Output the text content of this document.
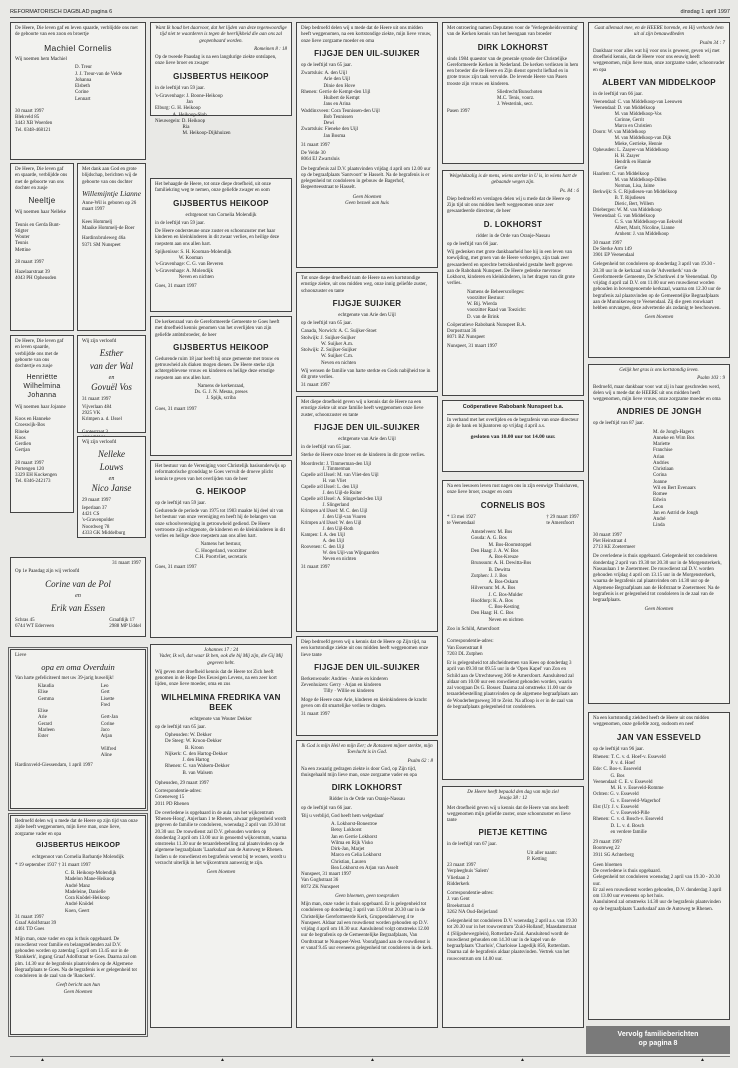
REFORMATORISCH DAGBLAD pagina 6	dinsdag 1 april 1997

De Heere, Die leven gaf en leven spaarde, verblijdde ons met de geboorte van een zoon en broertje

Machiel Cornelis

Wij noemen hem Machiel

D. Treur
J. J. Treur-van de Velde
Johanna
Elsbeth
Corine
Lennart
30 maart 1997
Blekveld 85
3443 XB Woerden
Tel. 0348-468121

De Heere, Die leven gaf en spaarde, verblijdde ons met de geboorte van ons dochter en zusje

Neeltje
Wij noemen haar Nelleke

Teunis en Gerda Bunt-Stigter
Wouter
Teunis
Mettine

28 maart 1997

Hazelaarstraat 39
4043 PH Opheusden

Met dank aan God en grote blijdschap, berichten wij de geboorte van ons dochter

Willemijntje Lianne
Anne-Wil is geboren op 26 maart 1997

Kees Hommelj
Maaike Hommelj-de Boer
Hardinxbruleweg 46a
9371 SM Nunspeet

De Heere, Die leven gaf en leven spaarde, verblijdde ons met de geboorte van ons dochtertje en zusje

Henriëtte Wilhelmina Johanna
Wij noemen haar Jojanne

Koos en Hanneke Croeswijk-Bos
Rineke
Koos
Gerdien
Gertjan
28 maart 1997
Portengen 120
3329 EH Kockengen
Tel. 0346-242173

Wij zijn verloofd

Esther
van der Wal
en
Govuël Vos

31 maart 1997

Vijverlaan 484
2925 VK
Krimpen a. d. IJssel

Grotestraat 3

Wij zijn verloofd

Nelleke
Louws
en
Nico Janse

29 maart 1997

Ieperlaan 37
4421 CS
's-Gravenpolder
Noordweg 78
4333 GK Middelburg

31 maart 1997

Op 1e Paasdag zijn wij verloofd

Corine van de Pol
en
Erik van Essen
Schras 45
6744 WT Ederveen
Graafdijk 17
2988 MP Uddel

Lieve

opa en oma Overduin

Van harte gefeliciteerd met uw 39-jarig huwelijk!

Klaudia
Elise
Gemma

Elise
Arie
Gerard
Marleen
Ester
Leo
Gert
Lisette
Fred

Gert-Jan
Corine
Jaco
Arjan

Wilfred
Aline

Hardinxveld-Giessendam, 1 april 1997

Bedroefd delen wij u mede dat de Heere op zijn tijd van onze zijde heeft weggenomen, mijn lieve man, onze lieve, zorgzame vader en opa

GIJSBERTUS HEIKOOP

echtgenoot van Cornelia Barbantje Molendijk

* 19 september 1937 † 31 maart 1997

C. B. Heikoop-Molendijk
Madelon Mane-Heikoop
André Manz
Madeleine, Danielle
Cora Knödel-Heikoop
André Knödel
Koen, Geert
31 maart 1997
Graaf Adolfstraat 39
4461 TD Goes

Mijn man, onze vader en opa is thuis opgebaard. De rouwdienst voor familie en belangstellenden zal D.V. gehouden worden op zaterdag 5 april om 13.45 uur in de 'Rankkerk', ingang Graaf Adolfstraat te Goes. Daarna zal om plm. 14.30 uur de begrafenis plaatsvinden op de Algemene Begraafplaats te Goes. Na de begrafenis is er gelegenheid tot condoleren in de zaal van de 'Ranckerk'.

Geeft bericht aan hun
Geen bloemen

Want Ik houd het daarvoor, dat het lijden van deze tegenwoordige tijd niet te waarderen is tegen de heerlijkheid die aan ons zal geopenbaard worden.

Romeinen 8 : 18

Op de tweede Paasdag is na een langdurige ziekte ontslapen, onze lieve broer en zwager

GIJSBERTUS HEIKOOP

in de leeftijd van 59 jaar.

's-Gravenhage: J. Boone-Heikoop
Jan
Elburg: G. H. Heikoop
A. Heikoop-Slob
Nieuwegein: D. Heikoop
Ria
M. Heikoop-Dijkhuizen

Het behaagde de Heere, tot onze diepe droefheid, uit onze familiekring weg te nemen, onze geliefde zwager en oom

GIJSBERTUS HEIKOOP

echtgenoot van Cornelia Molendijk

in de leeftijd van 59 jaar.

De Heere ondersteune onze zuster en schoonzuster met haar kinderen en kleinkinderen in dit zwaar verlies, en heilige deze roepstem aan ons allen hart.

Spijkenisse: S. H. Kooman-Molendijk
W. Kooman
's-Gravenhage: C. G. van Beveren
's-Gravenhage: A. Molendijk
Neven en nichten

Goes, 31 maart 1997

De kerkenraad van de Gereformeerde Gemeente te Goes heeft met droefheid kennis genomen van het overlijden van zijn geliefde ambtsbroeder, de heer

GIJSBERTUS HEIKOOP

Gedurende ruim 18 jaar heeft hij onze gemeente met trouw en getrouwheid als diaken mogen dienen. De Heere sterke zijn achtergeblevene vrouw en kinderen en heilige deze ernstige roepstem aan ons allen hart.

Namens de kerkenraad,
Ds. G. J. N. Mesna, preses
J. Spijk, scriba

Goes, 31 maart 1997

Het bestuur van de Vereniging voor Christelijk basisonderwijs op reformatorische grondslag te Goes vervult de droeve plicht kennis te geven van het overlijden van de heer

G. HEIKOOP

op de leeftijd van 59 jaar.

Gedurende de periode van 1975 tot 1983 maakte hij deel uit van het bestuur van onze vereniging en heeft hij de belangen van onze schoolvereniging in getrouwheid gediend. De Heere vertrooste zijn echtgenote, de kinderen en de kleinkinderen in dit verlies en heilige deze roepstem aan ons allen hart.

Namens het bestuur,
C. Hoogerland, voorzitter
C.H. Poortvliet, secretaris

Goes, 31 maart 1997

Johannes 17 : 24
Vader, Ik wil, dat waar Ik ben, ook die bij Mij zijn, die Gij Mij gegeven hebt.

Wij geven met droefheid kennis dat de Heere tot Zich heeft genomen in de Hope Des Eeuwigen Levens, na een zeer kort lijden, onze lieve moeder, oma en zus

WILHELMINA FREDRIKA VAN BEEK

echtgenote van Wouter Dekker

op de leeftijd van 65 jaar.

Opheusden: W. Dekker
De Steeg: W. Kroon-Dekker
B. Kroon
Nijkerk: C. den Hartog-Dekker
J. den Hartog
Rhenen: C. van Walsem-Dekker
B. van Walsem

Opheusden, 29 maart 1997

Correspondentie-adres:
Groeneweg 15
2011 PD Rhenen

De overledene is opgebaard in de aula van het wijkcentrum 'Rhenen-Hoog', Anjerlaan 1 te Rhenen, alwaar gelegenheid wordt gegeven de familie te condoleren, woensdag 2 april van 19.30 tot 20.30 uur. De rouwdienst zal D.V. gehouden worden op donderdag 3 april om 13.00 uur in genoemd wijkcentrum, waarna omstreeks 11.30 uur de teraardebestelling zal plaatsvinden op de algemene begraafplaats 'Laarksdaal' aan de Autoweg te Rhenen. Indien u de rouwdienst en begrafenis wenst bij te wonen, wordt u verzocht uiterlijk in het wijkcentrum aanwezig te zijn.

Geen bloemen

Diep bedroefd delen wij u mede dat de Heere uit ons midden heeft weggenomen, na een kortstondige ziekte, mijn lieve vrouw, onze lieve zorgzame moeder en oma

FIJGJE DEN UIL-SUIJKER

op de leeftijd van 65 jaar.

Zwartsluis: A. den Uijl
Arie den Uijl
Dinie den Hove
Rhenen: Gerrie de Kempt-den Uijl
Huibert de Kempt
Jans en Arina
Waddinxveen: Cora Teunissen-den Uijl
Bob Teunissen
Dewi
Zwartsluis: Fieneke den Uijl
Jan Bosma

31 maart 1997

De Velde 30
8064 EJ Zwartsluis

De begrafenis zal D.V. plaatsvinden vrijdag 4 april om 12.00 uur op de begraafplaats 'Santvoort' te Hasselt. Na de begrafenis is er gelegenheid tot condoleren in gebouw de Bagerhof, Begeerteesstraat te Hasselt.

Geen bloemen
Geen bezoek aan huis

Tot onze diepe droefheid nam de Heere na een kortstondige ernstige ziekte, uit ons midden weg, onze innig geliefde zuster, schoonzuster en tante

FIJGJE SUIJKER

echtgenote van Arie den Uijl

op de leeftijd van 65 jaar.

Canada, Norwich: A. C. Suijker-Stoet
Stolwijk: J. Suijker-Suijker
W. Suijker A.m.
Stolwijk: Z. Suijker-Suijker
W. Suijker C.m.
Neven en nichten

Wij wensen de familie van harte sterkte en Gods nabijheid toe in dit grote verlies.

31 maart 1997

Met diepe droefheid geven wij u kennis dat de Heere na een ernstige ziekte uit onze familie heeft weggenomen onze lieve zuster, schoonzuster en tante

FIJGJE DEN UIL-SUIJKER

echtgenote van Arie den Uijl

in de leeftijd van 65 jaar.

Sterke de Heere onze broer en de kinderen in dit grote verlies.

Moordrecht: J. Timmerman-den Uijl
J. Timmerman
Capelle a/d IJssel: M. van Vliet-den Uijl
H. van Vliet
Capelle a/d IJssel: L. den Uijl
J. den Uijl-de Ruiter
Capelle a/d IJssel: A. Slingerland-den Uijl
J. Slingerland
Krimpen a/d IJssel: M. C. den Uijl
J. den Uijl-van Vuuren
Krimpen a/d IJssel: W. den Uijl
J. den Uijl-Both
Kampen: I. A. den Uijl
A. den Uijl
Roovenen: C. den Uijl
W. den Uijl-van Wijngaarden
Neven en nichten

31 maart 1997

Diep bedroefd geven wij u kennis dat de Heere op Zijn tijd, na een kortstondige ziekte uit ons midden heeft weggenomen onze lieve tante

FIJGJE DEN UIL-SUIJKER
Berkenwoude: Andries · Annie en kinderen
Zevenhuizen: Gerry · Arjan en kinderen
Tilly · Willie en kinderen

Moge de Heere onze Arie, kinderen en kleinkinderen de kracht geven om dit smartelijke verlies te dragen.

31 maart 1997

Ik God is mijn Heil en mijn Eer; de Rotssteen mijner sterkte, mijn Toevlucht is in God.

Psalm 62 : 8

Na een zwaarig gedragen ziekte is door God, op Zijn tijd, thuisgehaald mijn lieve man, onze zorgzame vader en opa

DIRK LOKHORST

Ridder in de Orde van Oranje-Nassau

op de leeftijd van 66 jaar.

'Bij u verblijd, God heeft hem welgedaan'

A. Lokhorst-Bonestroe
Betsy Lokhorst
Jan en Gerrie Lokhorst
Wilma en Rijk Visko
Dirk-Jan, Marjet
Marco en Celia Lokhorst
Christian, Lauren
Bea Lokhorst en Arjan van Asselt
Nunspeet, 31 maart 1997
Van Goghstraat 36
8072 ZK Nunspeet

Geen bloemen, geen toespraken

Mijn man, onze vader is thuis opgebaard. Er is gelegenheid tot condoleren op donderdag 3 april van 13.00 tot 20.30 uur in de Christelijke Gereformeerde Kerk, Gruppendalerweg 4 te Nunspeet. Aldaar zal een rouwdienst worden gehouden op D.V. vrijdag 4 april om 10.30 uur. Aansluitend volgt omstreeks 12.00 uur de begrafenis op de Gemeentelijke Begraafplaats, Van Oordtstraat te Nunspeet-West. Voorafgaand aan de rouwdienst is er vanaf 9.45 uur eveneens gelegenheid tot condoleren in de kerk.

Met ontroering namen Deputaten voor de 'Verlegenheidsvorming' van de Kerken kennis van het heengaan van broeder

DIRK LOKHORST

sinds 1984 quaestor van de generale synode der Christelijke Gereformeerde Kerken in Nederland. De kerken verliezen in hem een broeder die de Heere en Zijn dienst oprecht liefhad en in grote trouw zijn taak vervulde. De levende Heere van Pasen trooste zijn vrouw en kinderen.

Sliedrecht/Bunschoten
M.C. Tenis, voorz.
J. Westerink, secr.

Pasen 1997

Welgelukzalig is de mens, wiens sterkte in U is, in wiens hart de gebaande wegen zijn.

Ps. 84 : 6

Diep bedroefd en verslagen delen wij u mede dat de Heere op Zijn tijd uit ons midden heeft weggenomen onze zeer gewaardeerde directeur, de heer

D. LOKHORST

ridder in de Orde van Oranje-Nassau

op de leeftijd van 66 jaar.

Wij gedenken met grote dankbaarheid hoe hij in een leven van toewijding, met groen van de Heere verkregen, zijn taak zeer gewaardeerd en oprechte betrokkenheid gestalte heeft gegeven aan de Rabobank Nunspeet. De Heere gedenke mevrouw Lokhorst, kinderen en kleinkinderen, in het dragen van dit grote verlies.

Namens de Beheerscolleges:
voorzitter Bestuur:
W. Bij. Wierda
voorzitter Raad van Toezicht:
D. van de Brink
Coöperatieve Rabobank Nunspeet B.A.
Dorpsstraat 36
8071 BZ Nunspeet

Nunspeet, 31 maart 1997

Coöperatieve Rabobank Nunspeet b.a.

In verband met het overlijden en de begrafenis van onze directeur zijn de bank en bijkantoren op vrijdag 4 april a.s.

gesloten van 10.00 uur tot 14.00 uur.

Na een leeuwen leven rust nagen ons in zijn eeuwige Thuishaven, onze lieve broer, zwager en oom

CORNELIS BOS
* 13 mei 1927
te Veenendaal
† 29 maart 1997
te Amersfoort
Amstelveen: M. Bos
Gouda: A. G. Bos
M. Bos-Boomstoppel
Den Haag: J. A. W. Bos
A. Bos-Kreuze
Brunssum: A. H. Dewitta-Bos
B. Dewitta
Zutphen: J. J. Bos
A. Bos-Oskam
Hilversum: M. A. Bos
J. C. Bos-Mulder
Hoofdorp: K. A. Bos
C. Bos-Kesting
Den Haag: H. C. Bos
Neven en nichten
Zoo in Schild, Amersfoort

Correspondentie-adres:
Van Essenstraat 8
7203 DL Zutphen

Er is gelegenheid tot afscheidnemen van Kees op donderdag 3 april van 09.30 tot 09.55 uur in de 'Open Kapel' van Zon en Schild aan de Utrechtseweg 266 te Amersfoort. Aansluitend zal aldaar om 10.00 uur een rouwdienst gehouden worden, waarin zal voorgaan Ds G. Bosser. Daarna zal omstreeks 11.00 uur de teraardebestelling plaatsvinden op de algemene begraafplaats aan de Wouderbergseweg 30 te Zeist. Na afloop is er in de zaal van de begraafplaats gelegenheid tot condoleren.

De Heere heeft bepaald den dag van mijn ziel
Jesaja 38 : 12

Met droefheid geven wij u kennis dat de Heere van ons heeft weggenomen mijn geliefde zuster, onze schoonzuster en lieve tante

PIETJE KETTING

in de leeftijd van 67 jaar.

Uit aller naam:
P. Ketting
23 maart 1997
Verpleeghuis 'Salem'
Vlietlaan 2
Ridderkerk
Correspondentie-adres:
J. van Gent
Broekstraat 4
3262 NA Oud-Beijerland

Gelegenheid tot condoleren D.V. woensdag 2 april a.s. van 19.30 tot 20.30 uur in het rouwcentrum 'Zuid-Holland', Maasdamstraat 4 (Slijpsbewegplein), Rotterdam-Zuid. Aansluitend wordt de rouwdienst gehouden om 14.30 uur in de kapel van de begraafplaats 'Charlois', Charloisse Lagedijk 856, Rotterdam. Daarna zal de begrafenis aldaar plaatsvinden. Vertrek van het rouwcentrum om 14.00 uur.

Gaat allemaal mee, en de HEERE horende, en Hij verhorde hem uit al zijn benauwdheden

Psalm 34 : 7

Dankbaar voor alles wat hij voor ons is geweest, geven wij met droefheid kennis, dat de Heere voor ons eeuwig heeft weggenomen, mijn lieve man, onze zorgzame vader, schoonvader en opa

ALBERT VAN MIDDELKOOP

in de leeftijd van 66 jaar.

Veenendaal: C. van Middelkoop-van Leeuwen
Veenendaal: D. van Middelkoop
M. van Middelkoop-Vos
Corinne, Gerrit
Marco en Christien
Doorn: W. van Middelkoop
M. van Middelkoop-van Dijk
Mieke, Gerrieke, Hennie
Opheusden: L. Zaayer-van Middelkoop
H. H. Zaayer
Hendrik en Hannie
Gerrie
Haarlem: C. van Middelkoop
M. van Middelkoop-Dillen
Norman, Lisa, Jaime
Berkwijk: S. C. Rijsdiesen-van Middelkoop
B. T. Rijsdiesen
Dieric, Bert, Willem
Driebergen: W. M. van Middelkoop
Veenendaal: G. van Middelkoop
C. S. van Middelkoop-van Eekveld
Albert, Marit, Nicoline, Lianne
Arnhem: J. van Middelkoop
30 maart 1997
De Sterke Arm 149
3901 EP Veenendaal

Gelegenheid tot condoleren op donderdag 3 april van 19.30 - 20.30 uur in de kerkzaal van de 'Adventkerk' van de Gereformeerde Gemeente, De Schotkwei 4 te Veenendaal. Op vrijdag 4 april zal D.V. om 11.00 uur een rouwdienst worden gehouden in bovengenoemde kerkzaal, waarna om 12.30 uur de begrafenis zal plaatsvinden op de Gemeentelijke Begraafplaats aan de Munnikenweg te Veenendaal. Zij die geen rouwkaart hebben ontvangen, deze advertentie als zodanig te beschouwen.

Geen bloemen

Gelijk het gras is ons kortstondig leven.

Psalm 103 : 9

Bedroefd, maar dankbaar voor wat zij in haar geschreden werd, delen wij u mede dat de HEERE uit ons midden heeft weggenomen, mijn lieve vrouw, onze zorgzame moeder en oma

ANDRIES DE JONGH

op de leeftijd van 87 jaar.

M. de Jongh-Hagers
Anneke en Wim Bos
Mariette
Franchise
Arian
Andries
Christiaan
Corina
Joanne
Wil en Bert Evenaars
Romee
Edwin
Leon
Jan en Astrid de Jongh
André
Linda
30 maart 1997
Piet Heinstraat 4
2713 KE Zoetermeer

De overledene is thuis opgebaard. Gelegenheid tot condoleren donderdag 2 april van 19.30 tot 20.30 uur in de Morgensterkerk, Nassaulaan 1 te Zoetermeer. De rouwdienst zal D.V. worden gehouden vrijdag 4 april om 13.15 uur in de Morgensterkerk, waarna de begrafenis zal plaatsvinden om 14.30 uur op de Algemene Begraafplaats aan de Hofstraat te Zoetermeer. Na de begrafenis is er gelegenheid tot condoleren in de zaal van de begraafplaats.

Geen bloemen

Na een kortstondig ziekbed heeft de Heere uit ons midden weggenomen, onze geliefde zorg, oudoom en neef

JAN VAN ESSEVELD

op de leeftijd van 96 jaar.

Rhenen: T. C. v. d. Hoef-v. Esseveld
P. v. d. Hoef
Ede: C. Bos-v. Esseveld
G. Bos
Veenendaal: C. E. v. Esseveld
M. H. v. Esseveld-Romme
Ochten: G. v. Esseveld
G. v. Esseveld-Wagerhof
Elst (U): J. v. Esseveld
C. v. Esseveld-Pille
Rhenen: C. v. d. Bosch-v. Esseveld
D. L. v. d. Bosch
en verdere familie
29 maart 1997
Boomweg 22
3911 SG Achterberg

Geen bloemen
De overledene is thuis opgebaard.
Gelegenheid tot condoleren woensdag 2 april van 19.30 - 20.30 uur.
Er zal een rouwdienst worden gehouden, D.V. donderdag 3 april om 13.00 uur eveneens op het huis.
Aansluitend zal omstreeks 14.30 uur de begrafenis plaatsvinden op de begraafplaats 'Laarksdaal' aan de Autoweg te Rhenen.

Vervolg familieberichten
op pagina 8
▲	▲	▲	▲	▲
